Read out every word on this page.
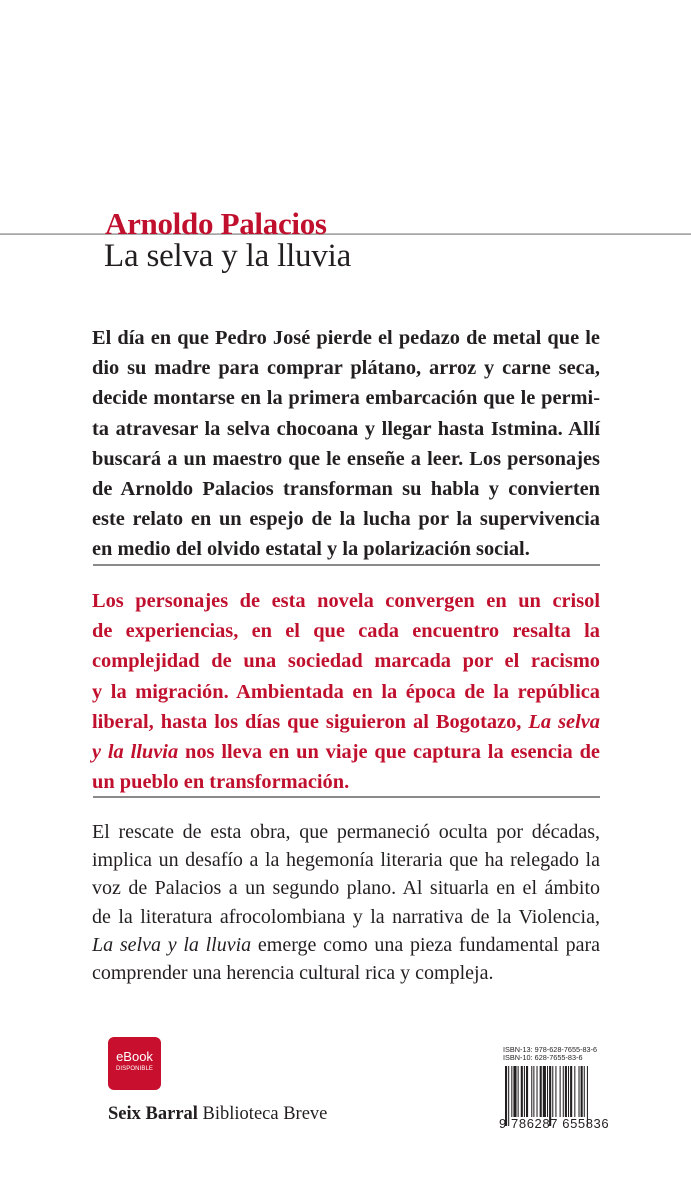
Arnoldo Palacios
La selva y la lluvia
El día en que Pedro José pierde el pedazo de metal que le
dio su madre para comprar plátano, arroz y carne seca,
decide montarse en la primera embarcación que le permi-
ta atravesar la selva chocoana y llegar hasta Istmina. Allí
buscará a un maestro que le enseñe a leer. Los personajes
de Arnoldo Palacios transforman su habla y convierten
este relato en un espejo de la lucha por la supervivencia
en medio del olvido estatal y la polarización social.
Los personajes de esta novela convergen en un crisol
de experiencias, en el que cada encuentro resalta la
complejidad de una sociedad marcada por el racismo
y la migración. Ambientada en la época de la república
liberal, hasta los días que siguieron al Bogotazo, La selva
y la lluvia nos lleva en un viaje que captura la esencia de
un pueblo en transformación.
El rescate de esta obra, que permaneció oculta por décadas,
implica un desafío a la hegemonía literaria que ha relegado la
voz de Palacios a un segundo plano. Al situarla en el ámbito
de la literatura afrocolombiana y la narrativa de la Violencia,
La selva y la lluvia emerge como una pieza fundamental para
comprender una herencia cultural rica y compleja.
eBook
DISPONIBLE

Seix Barral Biblioteca Breve

ISBN-13: 978-628-7655-83-6
ISBN-10: 628-7655-83-6
9 786287 655836
